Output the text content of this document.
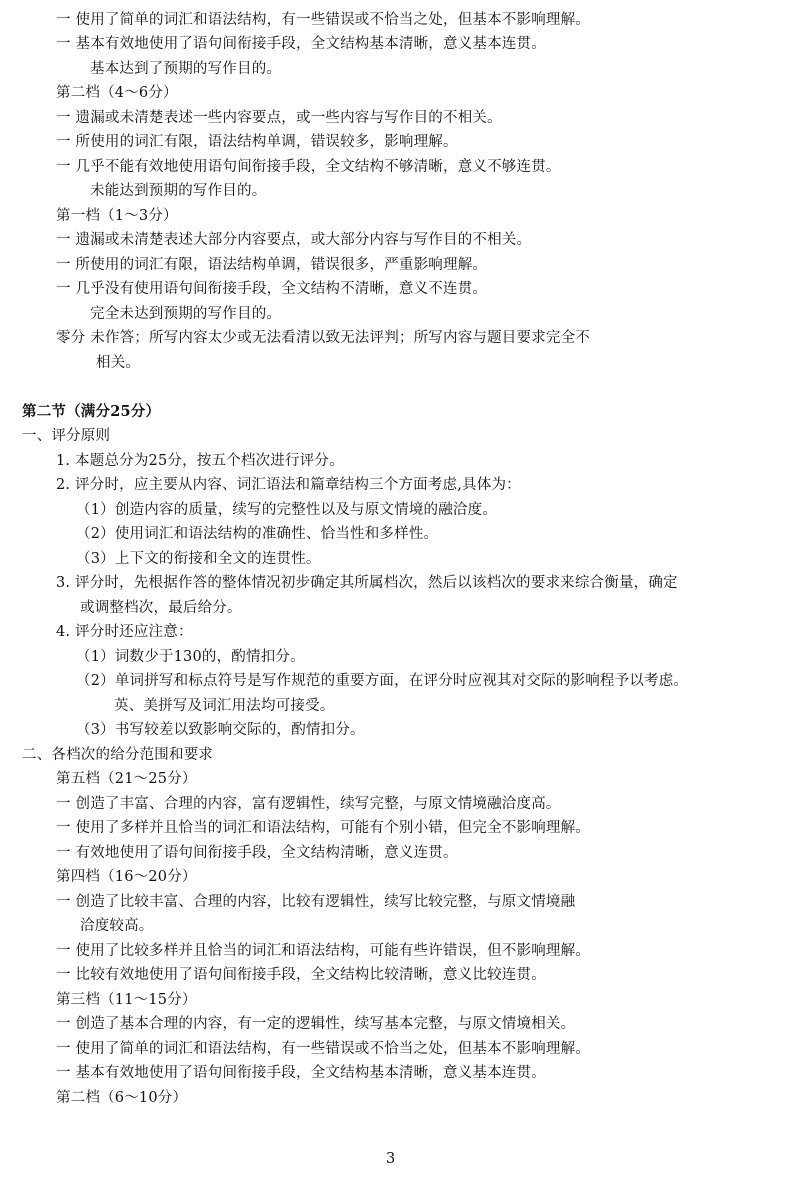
一 使用了简单的词汇和语法结构，有一些错误或不恰当之处，但基本不影响理解。
一 基本有效地使用了语句间衔接手段，全文结构基本清晰，意义基本连贯。
基本达到了预期的写作目的。
第二档（4～6分）
一 遗漏或未清楚表述一些内容要点，或一些内容与写作目的不相关。
一 所使用的词汇有限，语法结构单调，错误较多，影响理解。
一 几乎不能有效地使用语句间衔接手段，全文结构不够清晰，意义不够连贯。
未能达到预期的写作目的。
第一档（1～3分）
一 遗漏或未清楚表述大部分内容要点，或大部分内容与写作目的不相关。
一 所使用的词汇有限，语法结构单调，错误很多，严重影响理解。
一 几乎没有使用语句间衔接手段，全文结构不清晰，意义不连贯。
完全未达到预期的写作目的。
零分 未作答；所写内容太少或无法看清以致无法评判；所写内容与题目要求完全不
相关。
第二节（满分25分）
一、评分原则
1. 本题总分为25分，按五个档次进行评分。
2. 评分时，应主要从内容、词汇语法和篇章结构三个方面考虑,具体为：
（1）创造内容的质量，续写的完整性以及与原文情境的融洽度。
（2）使用词汇和语法结构的准确性、恰当性和多样性。
（3）上下文的衔接和全文的连贯性。
3. 评分时，先根据作答的整体情况初步确定其所属档次，然后以该档次的要求来综合衡量，确定
或调整档次，最后给分。
4. 评分时还应注意：
（1）词数少于130的，酌情扣分。
（2）单词拼写和标点符号是写作规范的重要方面，在评分时应视其对交际的影响程予以考虑。
英、美拼写及词汇用法均可接受。
（3）书写较差以致影响交际的，酌情扣分。
二、各档次的给分范围和要求
第五档（21～25分）
一 创造了丰富、合理的内容，富有逻辑性，续写完整，与原文情境融洽度高。
一 使用了多样并且恰当的词汇和语法结构，可能有个别小错，但完全不影响理解。
一 有效地使用了语句间衔接手段，全文结构清晰，意义连贯。
第四档（16～20分）
一 创造了比较丰富、合理的内容，比较有逻辑性，续写比较完整，与原文情境融
洽度较高。
一 使用了比较多样并且恰当的词汇和语法结构，可能有些许错误，但不影响理解。
一 比较有效地使用了语句间衔接手段，全文结构比较清晰，意义比较连贯。
第三档（11～15分）
一 创造了基本合理的内容，有一定的逻辑性，续写基本完整，与原文情境相关。
一 使用了简单的词汇和语法结构，有一些错误或不恰当之处，但基本不影响理解。
一 基本有效地使用了语句间衔接手段，全文结构基本清晰，意义基本连贯。
第二档（6～10分）
3
